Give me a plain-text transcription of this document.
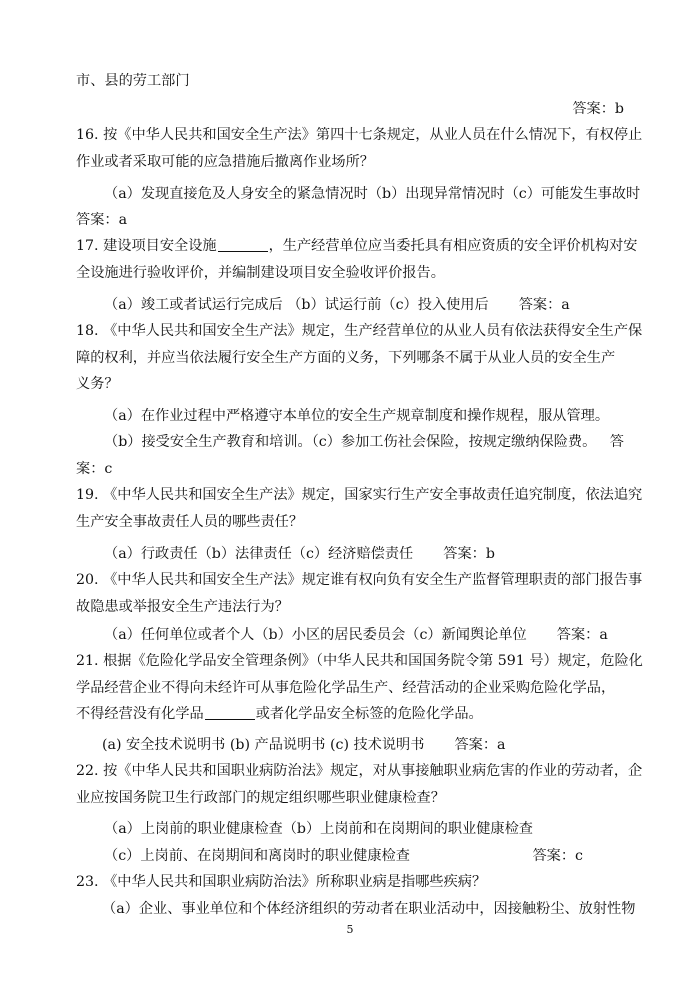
市、县的劳工部门
答案：b
16. 按《中华人民共和国安全生产法》第四十七条规定，从业人员在什么情况下，有权停止
作业或者采取可能的应急措施后撤离作业场所？
（a）发现直接危及人身安全的紧急情况时（b）出现异常情况时（c）可能发生事故时
答案：a
17. 建设项目安全设施	，生产经营单位应当委托具有相应资质的安全评价机构对安
全设施进行验收评价，并编制建设项目安全验收评价报告。
（a）竣工或者试运行完成后 （b）试运行前（c）投入使用后 答案：a
18. 《中华人民共和国安全生产法》规定，生产经营单位的从业人员有依法获得安全生产保
障的权利，并应当依法履行安全生产方面的义务，下列哪条不属于从业人员的安全生产
义务？
（a）在作业过程中严格遵守本单位的安全生产规章制度和操作规程，服从管理。
（b）接受安全生产教育和培训。（c）参加工伤社会保险，按规定缴纳保险费。 答
案：c
19. 《中华人民共和国安全生产法》规定，国家实行生产安全事故责任追究制度，依法追究
生产安全事故责任人员的哪些责任？
（a）行政责任（b）法律责任（c）经济赔偿责任 答案：b
20. 《中华人民共和国安全生产法》规定谁有权向负有安全生产监督管理职责的部门报告事
故隐患或举报安全生产违法行为？
（a）任何单位或者个人（b）小区的居民委员会（c）新闻舆论单位 答案：a
21. 根据《危险化学品安全管理条例》（中华人民共和国国务院令第 591 号）规定，危险化
学品经营企业不得向未经许可从事危险化学品生产、经营活动的企业采购危险化学品，
不得经营没有化学品	或者化学品安全标签的危险化学品。
(a) 安全技术说明书 (b) 产品说明书 (c) 技术说明书 答案：a
22. 按《中华人民共和国职业病防治法》规定，对从事接触职业病危害的作业的劳动者，企
业应按国务院卫生行政部门的规定组织哪些职业健康检查？
（a）上岗前的职业健康检查（b）上岗前和在岗期间的职业健康检查
（c）上岗前、在岗期间和离岗时的职业健康检查	答案：c
23. 《中华人民共和国职业病防治法》所称职业病是指哪些疾病？
（a）企业、事业单位和个体经济组织的劳动者在职业活动中，因接触粉尘、放射性物
5
